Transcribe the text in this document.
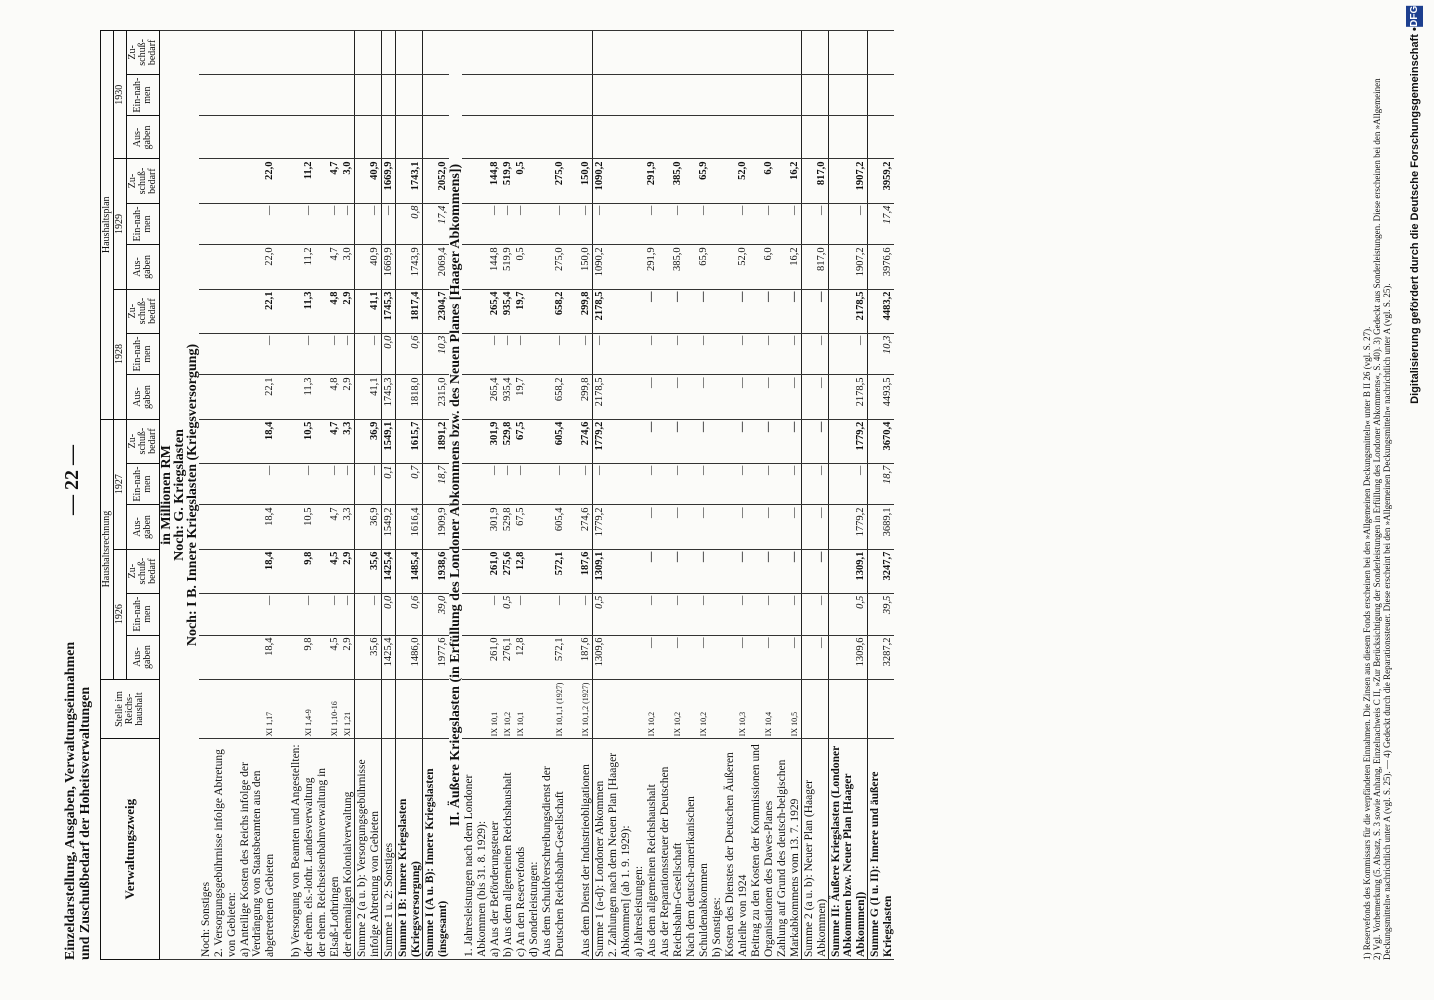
Einzeldarstellung, Ausgaben, Verwaltungseinnahmen und Zuschußbedarf der Hoheitsverwaltungen
— 22 —
Verwaltungszweig	Stelle im Reichs-haushalt	Haushaltsrechnung						Haushaltsplan								
		1926			1927			1928			1929			1930		
		Aus-gaben	Ein-nah-men	Zu-schuß-bedarf	Aus-gaben	Ein-nah-men	Zu-schuß-bedarf	Aus-gaben	Ein-nah-men	Zu-schuß-bedarf	Aus-gaben	Ein-nah-men	Zu-schuß-bedarf	Aus-gaben	Ein-nah-men	Zu-schuß-bedarf
in Millionen RM																
Noch: G. Kriegslasten																
Noch: I B. Innere Kriegslasten (Kriegsversorgung)																
Noch: Sonstiges																
2. Versorgungsgebührnisse infolge Abtretung von Gebieten:																
a) Anteilige Kosten des Reichs infolge der Verdrängung von Staatsbeamten aus den abgetretenen Gebieten	XI 1,17	18,4	—	18,4	18,4	—	18,4	22,1	—	22,1	22,0	—	22,0			
b) Versorgung von Beamten und Angestellten:																
der ehem. els.-lothr. Landesverwaltung	XI 1,4-9	9,8	—	9,8	10,5	—	10,5	11,3	—	11,3	11,2	—	11,2			
der ehem. Reichseisenbahnverwaltung in Elsaß-Lothringen	XI 1,10-16	4,5	—	4,5	4,7	—	4,7	4,8	—	4,8	4,7	—	4,7			
der ehemaligen Kolonialverwaltung	XI 1,21	2,9	—	2,9	3,3	—	3,3	2,9	—	2,9	3,0	—	3,0			
Summe 2 (a u. b): Versorgungsgebührnisse infolge Abtretung von Gebieten		35,6	—	35,6	36,9	—	36,9	41,1	—	41,1	40,9	—	40,9			
Summe 1 u. 2: Sonstiges		1425,4	0,0	1425,4	1549,2	0,1	1549,1	1745,3	0,0	1745,3	1669,9	—	1669,9			
Summe I B: Innere Kriegslasten (Kriegsversorgung)		1486,0	0,6	1485,4	1616,4	0,7	1615,7	1818,0	0,6	1817,4	1743,9	0,8	1743,1			
Summe I (A u. B): Innere Kriegslasten (insgesamt)		1977,6	39,0	1938,6	1909,9	18,7	1891,2	2315,0	10,3	2304,7	2069,4	17,4	2052,0			
II. Äußere Kriegslasten (in Erfüllung des Londoner Abkommens bzw. des Neuen Planes [Haager Abkommens])																
1. Jahresleistungen nach dem Londoner Abkommen (bis 31. 8. 1929):																
a) Aus der Beförderungsteuer	IX 10,1	261,0	—	261,0	301,9	—	301,9	265,4	—	265,4	144,8	—	144,8			
b) Aus dem allgemeinen Reichshaushalt	IX 10,2	276,1	0,5	275,6	529,8	—	529,8	935,4	—	935,4	519,9	—	519,9			
c) An den Reservefonds	IX 10,1	12,8	—	12,8	67,5	—	67,5	19,7	—	19,7	0,5	—	0,5			
d) Sonderleistungen:																
Aus dem Schuldverschreibungsdienst der Deutschen Reichsbahn-Gesellschaft	IX 10,1,1 (1927)	572,1	—	572,1	605,4	—	605,4	658,2	—	658,2	275,0	—	275,0			
Aus dem Dienst der Industrieobligationen	IX 10,1,2 (1927)	187,6	—	187,6	274,6	—	274,6	299,8	—	299,8	150,0	—	150,0			
Summe 1 (a-d): Londoner Abkommen		1309,6	0,5	1309,1	1779,2	—	1779,2	2178,5	—	2178,5	1090,2	—	1090,2			
2. Zahlungen nach dem Neuen Plan [Haager Abkommen] (ab 1. 9. 1929):																
a) Jahresleistungen:																
Aus dem allgemeinen Reichshaushalt	IX 10,2	—	—	—	—	—	—	—	—	—	291,9	—	291,9			
Aus der Reparationssteuer der Deutschen Reichsbahn-Gesellschaft	IX 10,2	—	—	—	—	—	—	—	—	—	385,0	—	385,0			
Nach dem deutsch-amerikanischen Schuldenabkommen	IX 10,2	—	—	—	—	—	—	—	—	—	65,9	—	65,9			
b) Sonstiges:																
Kosten des Dienstes der Deutschen Äußeren Anleihe von 1924	IX 10,3	—	—	—	—	—	—	—	—	—	52,0	—	52,0			
Beitrag zu den Kosten der Kommissionen und Organisationen des Dawes-Planes	IX 10,4	—	—	—	—	—	—	—	—	—	6,0	—	6,0			
Zahlung auf Grund des deutsch-belgischen Markabkommens vom 13. 7. 1929	IX 10,5	—	—	—	—	—	—	—	—	—	16,2	—	16,2			
Summe 2 (a u. b): Neuer Plan (Haager Abkommen)		—	—	—	—	—	—	—	—	—	817,0	—	817,0			
Summe II: Äußere Kriegslasten (Londoner Abkommen bzw. Neuer Plan [Haager Abkommen])		1309,6	0,5	1309,1	1779,2	—	1779,2	2178,5	—	2178,5	1907,2	—	1907,2			
Summe G (I u. II): Innere und äußere Kriegslasten		3287,2	39,5	3247,7	3689,1	18,7	3670,4	4493,5	10,3	4483,2	3976,6	17,4	3959,2			

1) Reservefonds des Kommissars für die verpfändeten Einnahmen. Die Zinsen aus diesem Fonds erscheinen bei den »Allgemeinen Deckungsmitteln« unter B II 26 (vgl. S. 27). 2) Vgl. Vorbemerkung (5. Absatz, S. 3 sowie Anhang, Einzelnachweis C II, »Zur Berücksichtigung der Sonderleistungen in Erfüllung des Londoner Abkommens«, S. 40). 3) Gedeckt aus Sonderleistungen. Diese erscheinen bei den »Allgemeinen Deckungsmitteln« nachrichtlich unter A (vgl. S. 25). — 4) Gedeckt durch die Reparationssteuer. Diese erscheint bei den »Allgemeinen Deckungsmitteln« nachrichtlich unter A (vgl. S. 25).

Digitalisierung gefördert durch die Deutsche Forschungsgemeinschaft •DFG
